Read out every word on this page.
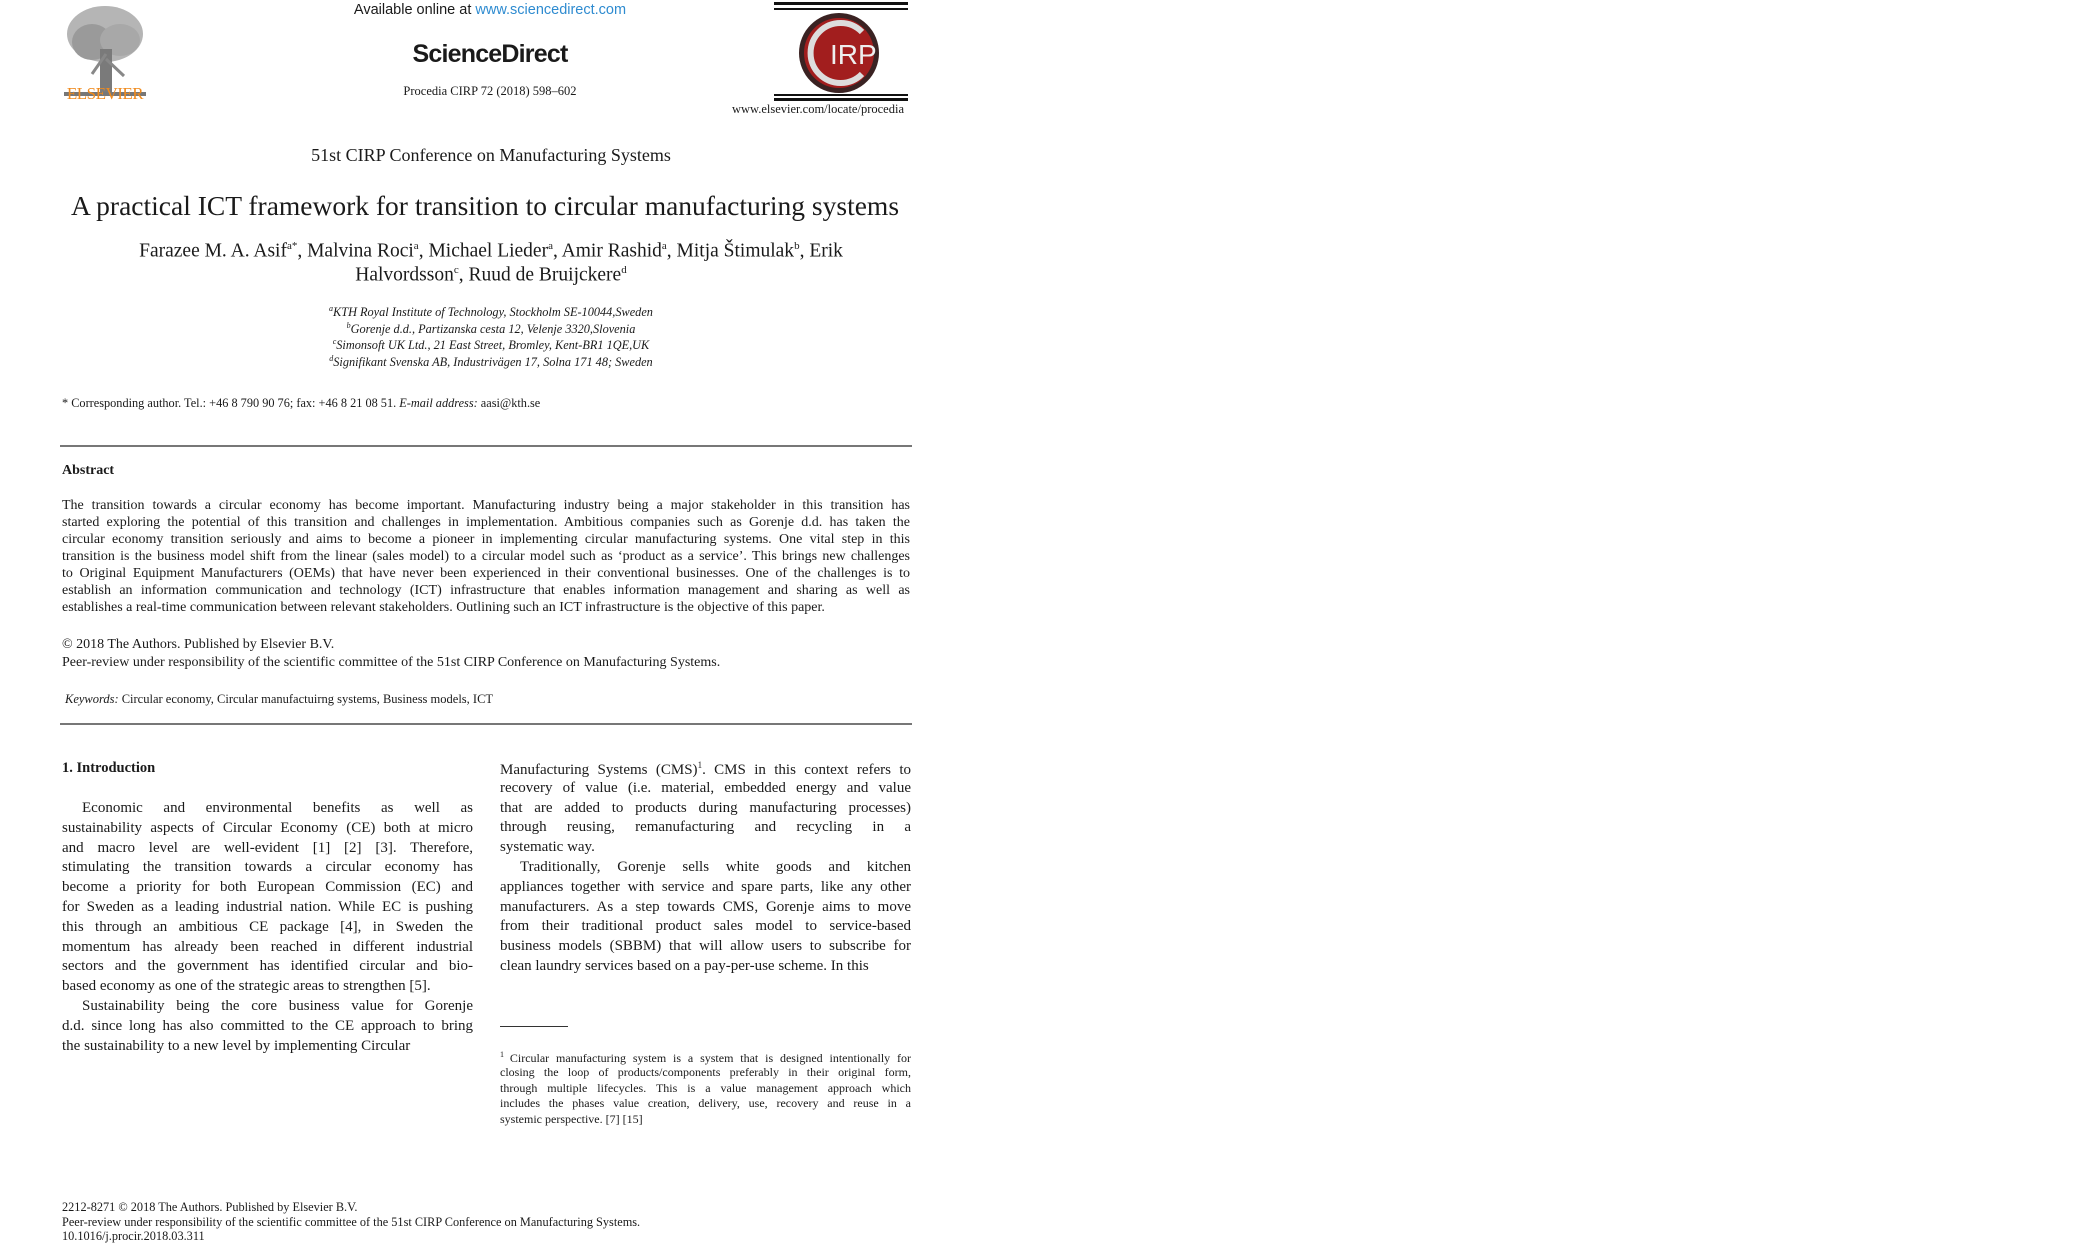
ELSEVIER
Available online at www.sciencedirect.com
ScienceDirect
Procedia CIRP 72 (2018) 598–602
IRP
www.elsevier.com/locate/procedia
51st CIRP Conference on Manufacturing Systems
A practical ICT framework for transition to circular manufacturing systems
Farazee M. A. Asif$^{a*}$, Malvina Roci$^a$, Michael Lieder$^a$, Amir Rashid$^a$, Mitja Štimulak$^b$, Erik
Halvordsson$^c$, Ruud de Bruijckere$^d$
$^a$KTH Royal Institute of Technology, Stockholm SE-10044,Sweden
$^b$Gorenje d.d., Partizanska cesta 12, Velenje 3320,Slovenia
$^c$Simonsoft UK Ltd., 21 East Street, Bromley, Kent-BR1 1QE,UK
$^d$Signifikant Svenska AB, Industrivägen 17, Solna 171 48; Sweden
* Corresponding author. Tel.: +46 8 790 90 76; fax: +46 8 21 08 51. E-mail address: aasi@kth.se
Abstract
The transition towards a circular economy has become important. Manufacturing industry being a major stakeholder in this transition has
started exploring the potential of this transition and challenges in implementation. Ambitious companies such as Gorenje d.d. has taken the
circular economy transition seriously and aims to become a pioneer in implementing circular manufacturing systems. One vital step in this
transition is the business model shift from the linear (sales model) to a circular model such as ‘product as a service’. This brings new challenges
to Original Equipment Manufacturers (OEMs) that have never been experienced in their conventional businesses. One of the challenges is to
establish an information communication and technology (ICT) infrastructure that enables information management and sharing as well as
establishes a real-time communication between relevant stakeholders. Outlining such an ICT infrastructure is the objective of this paper.
© 2018 The Authors. Published by Elsevier B.V.
Peer-review under responsibility of the scientific committee of the 51st CIRP Conference on Manufacturing Systems.
Keywords: Circular economy, Circular manufactuirng systems, Business models, ICT
1. Introduction
Economic and environmental benefits as well as
sustainability aspects of Circular Economy (CE) both at micro
and macro level are well-evident [1] [2] [3]. Therefore,
stimulating the transition towards a circular economy has
become a priority for both European Commission (EC) and
for Sweden as a leading industrial nation. While EC is pushing
this through an ambitious CE package [4], in Sweden the
momentum has already been reached in different industrial
sectors and the government has identified circular and bio-
based economy as one of the strategic areas to strengthen [5].
Sustainability being the core business value for Gorenje
d.d. since long has also committed to the CE approach to bring
the sustainability to a new level by implementing Circular
Manufacturing Systems (CMS)$^1$. CMS in this context refers to
recovery of value (i.e. material, embedded energy and value
that are added to products during manufacturing processes)
through reusing, remanufacturing and recycling in a
systematic way.
Traditionally, Gorenje sells white goods and kitchen
appliances together with service and spare parts, like any other
manufacturers. As a step towards CMS, Gorenje aims to move
from their traditional product sales model to service-based
business models (SBBM) that will allow users to subscribe for
clean laundry services based on a pay-per-use scheme. In this
$^1$ Circular manufacturing system is a system that is designed intentionally for
closing the loop of products/components preferably in their original form,
through multiple lifecycles. This is a value management approach which
includes the phases value creation, delivery, use, recovery and reuse in a
systemic perspective. [7] [15]
2212-8271 © 2018 The Authors. Published by Elsevier B.V.
Peer-review under responsibility of the scientific committee of the 51st CIRP Conference on Manufacturing Systems.
10.1016/j.procir.2018.03.311
